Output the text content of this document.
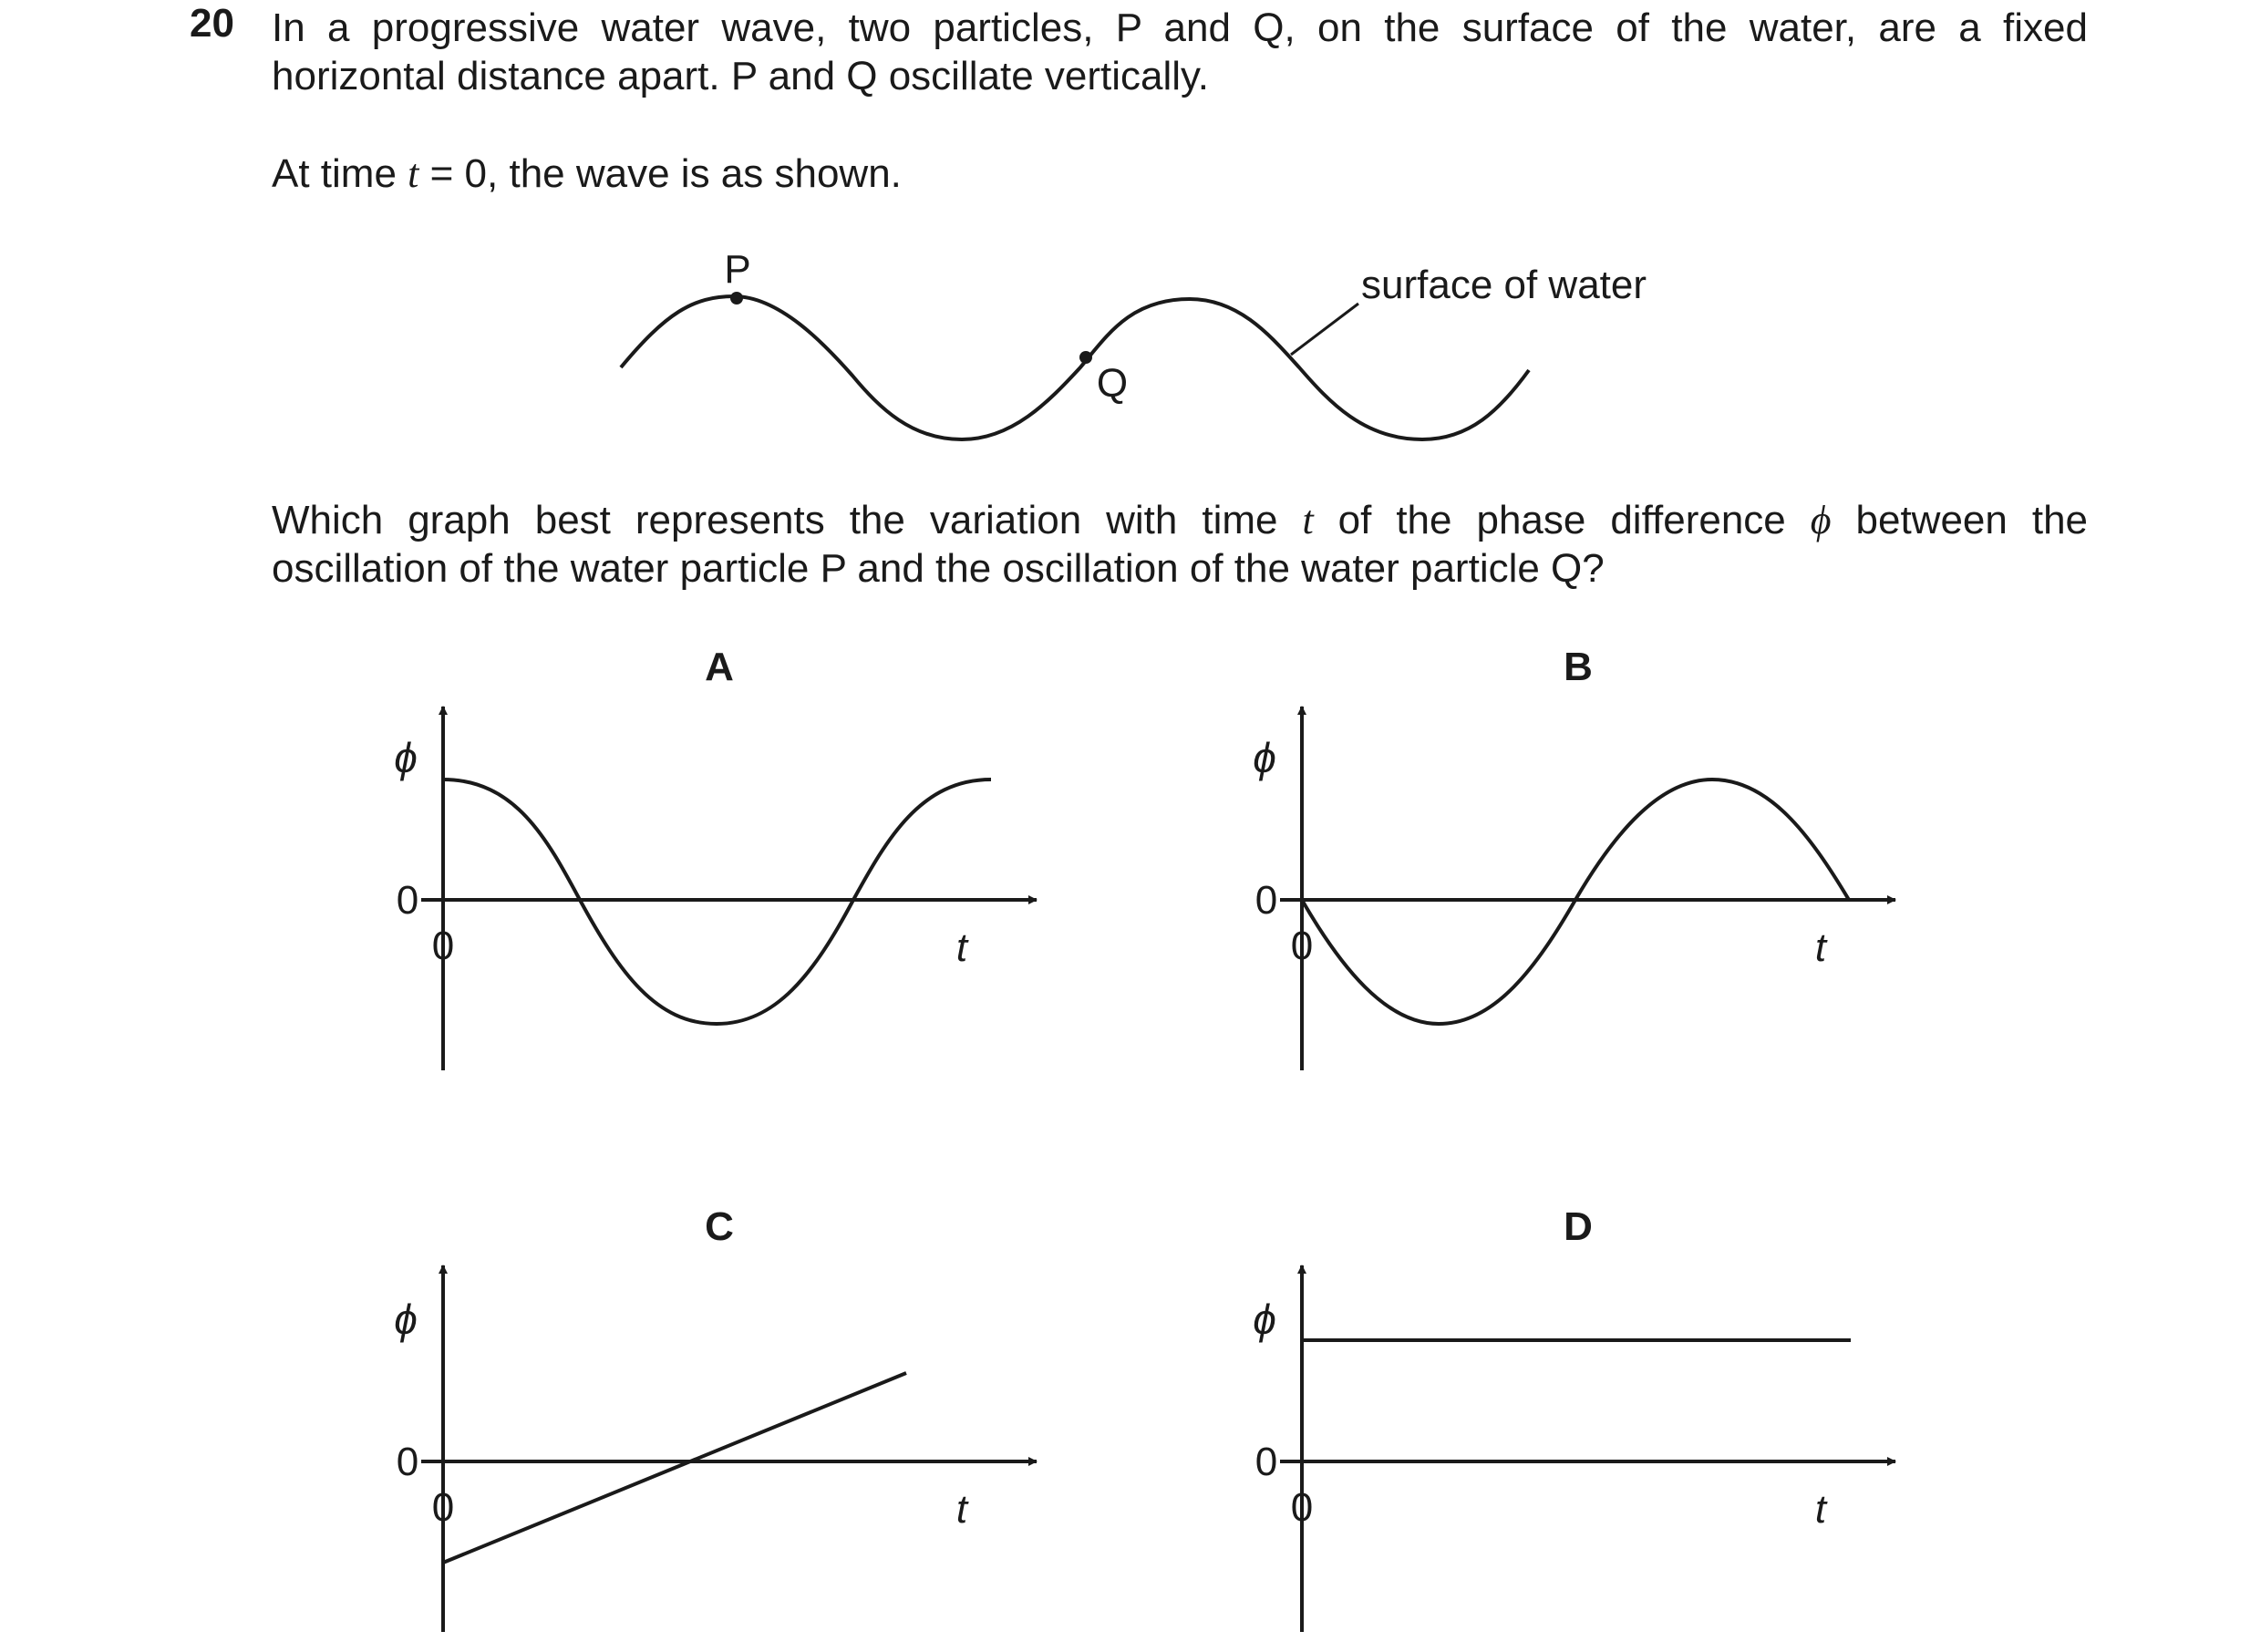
20 In a progressive water wave, two particles, P and Q, on the surface of the water, are a fixed
horizontal distance apart. P and Q oscillate vertically.
At time t = 0, the wave is as shown.
Which graph best represents the variation with time t of the phase difference ϕ between the
oscillation of the water particle P and the oscillation of the water particle Q?
P
Q
surface of water
A
ϕ
0
0	t
B
ϕ
0
0	t
C
ϕ
0
0	t
D
ϕ
0
0	t
